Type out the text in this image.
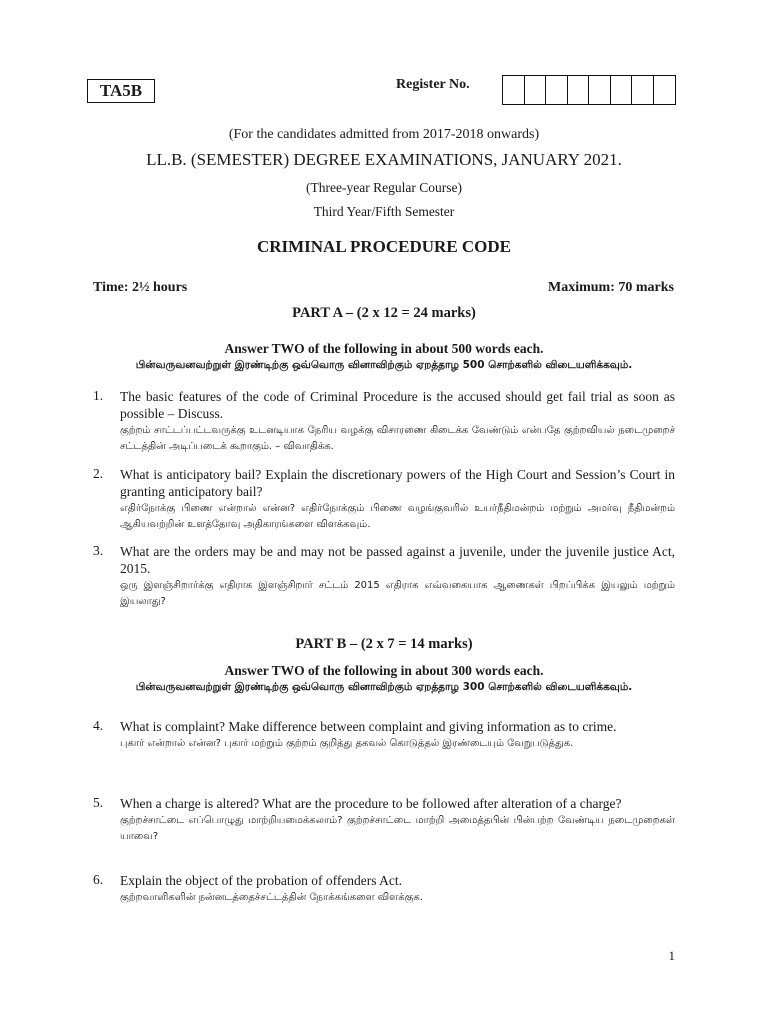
TA5B	Register No.
(For the candidates admitted from 2017-2018 onwards)
LL.B. (SEMESTER) DEGREE EXAMINATIONS, JANUARY 2021.
(Three-year Regular Course)
Third Year/Fifth Semester
CRIMINAL PROCEDURE CODE
Time: 2½ hours	Maximum: 70 marks
PART A – (2 x 12 = 24 marks)
Answer TWO of the following in about 500 words each.
பின்வருவனவற்றுள் இரண்டிற்கு ஒவ்வொரு வினாவிற்கும் ஏறத்தாழ 500 சொற்களில் விடையளிக்கவும்.
1. The basic features of the code of Criminal Procedure is the accused should get fail trial as soon as possible – Discuss.
குற்றம் சாட்டப்பட்டவருக்கு உடனடியாக நேரிய வழக்கு விசாரணை கிடைக்க வேண்டும் என்பதே குற்றவியல் நடைமுறைச் சட்டத்தின் அடிப்படைக் கூறாகும். – விவாதிக்க.
2. What is anticipatory bail? Explain the discretionary powers of the High Court and Session’s Court in granting anticipatory bail?
எதிர்நோக்கு பிணை என்றால் என்ன? எதிர்நோக்கும் பிணை வழங்குவரில் உயர்நீதிமன்றம் மற்றும் அமர்வு நீதிமன்றம் ஆகியவற்றின் உளத்தோவு அதிகாரங்களை விளக்கவும்.
3. What are the orders may be and may not be passed against a juvenile, under the juvenile justice Act, 2015.
ஒரு இளஞ்சிறார்க்கு எதிராக இளஞ்சிறார் சட்டம் 2015 எதிராக எவ்வகையாக ஆணைகள் பிறப்பிக்க இயலும் மற்றும் இயலாது?
PART B – (2 x 7 = 14 marks)
Answer TWO of the following in about 300 words each.
பின்வருவனவற்றுள் இரண்டிற்கு ஒவ்வொரு வினாவிற்கும் ஏறத்தாழ 300 சொற்களில் விடையளிக்கவும்.
4. What is complaint? Make difference between complaint and giving information as to crime.
புகார் என்றால் என்ன? புகார் மற்றும் குற்றம் குறித்து தகவல் கொடுத்தல் இரண்டையும் வேறுபடுத்துக.
5. When a charge is altered? What are the procedure to be followed after alteration of a charge?
குற்றச்சாட்டை எப்பொழுது மாற்றியமைக்கலாம்? குற்றச்சாட்டை மாற்றி அமைத்தபின் பின்பற்ற வேண்டிய நடைமுறைகள் யாவை?
6. Explain the object of the probation of offenders Act.
குற்றவாளிகளின் நன்னடத்தைச்சட்டத்தின் நோக்கங்களை விளக்குக.
1
